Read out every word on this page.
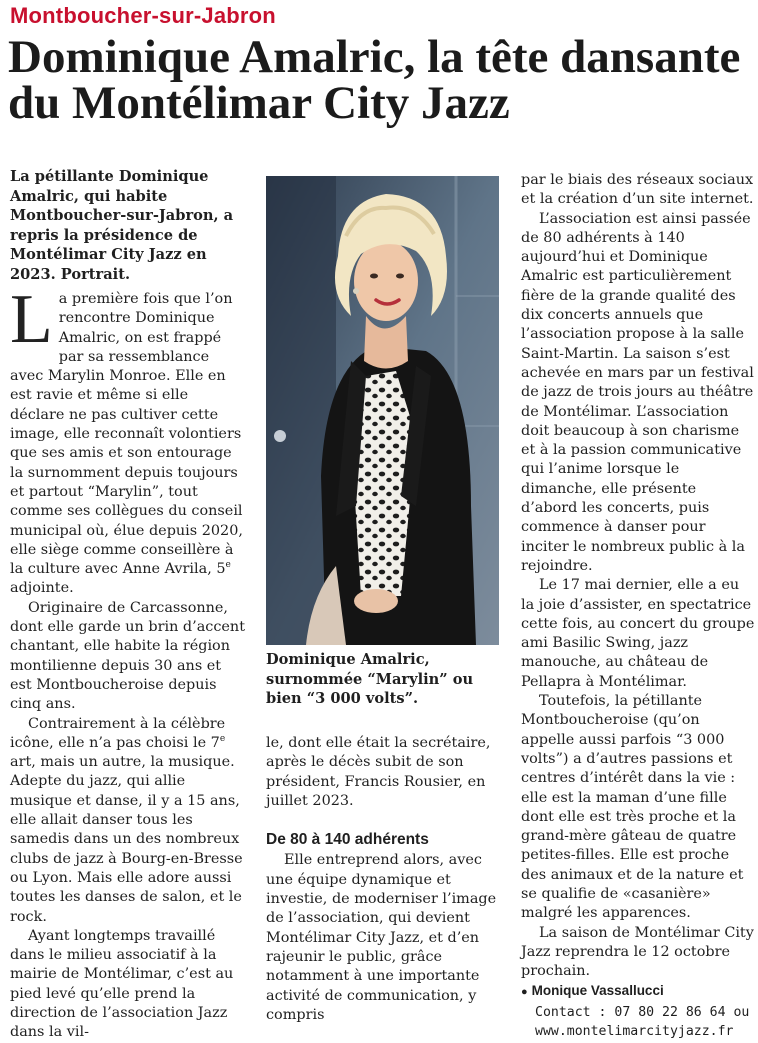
Montboucher-sur-Jabron
Dominique Amalric, la tête dansante du Montélimar City Jazz

La pétillante Dominique Amalric, qui habite Montboucher-sur-Jabron, a repris la présidence de Montélimar City Jazz en 2023. Portrait.

La première fois que l’on rencontre Dominique Amalric, on est frappé par sa ressemblance avec Marylin Monroe. Elle en est ravie et même si elle déclare ne pas cultiver cette image, elle reconnaît volontiers que ses amis et son entourage la surnomment depuis toujours et partout “Marylin”, tout comme ses collègues du conseil municipal où, élue depuis 2020, elle siège comme conseillère à la culture avec Anne Avrila, 5e adjointe.

Originaire de Carcassonne, dont elle garde un brin d’accent chantant, elle habite la région montilienne depuis 30 ans et est Montboucheroise depuis cinq ans.

Contrairement à la célèbre icône, elle n’a pas choisi le 7e art, mais un autre, la musique. Adepte du jazz, qui allie musique et danse, il y a 15 ans, elle allait danser tous les samedis dans un des nombreux clubs de jazz à Bourg-en-Bresse ou Lyon. Mais elle adore aussi toutes les danses de salon, et le rock.

Ayant longtemps travaillé dans le milieu associatif à la mairie de Montélimar, c’est au pied levé qu’elle prend la direction de l’association Jazz dans la vil-

Dominique Amalric, surnommée “Marylin” ou bien “3 000 volts”.

le, dont elle était la secrétaire, après le décès subit de son président, Francis Rousier, en juillet 2023.

De 80 à 140 adhérents

Elle entreprend alors, avec une équipe dynamique et investie, de moderniser l’image de l’association, qui devient Montélimar City Jazz, et d’en rajeunir le public, grâce notamment à une importante activité de communication, y compris

par le biais des réseaux sociaux et la création d’un site internet.

L’association est ainsi passée de 80 adhérents à 140 aujourd’hui et Dominique Amalric est particulièrement fière de la grande qualité des dix concerts annuels que l’association propose à la salle Saint-Martin. La saison s’est achevée en mars par un festival de jazz de trois jours au théâtre de Montélimar. L’association doit beaucoup à son charisme et à la passion communicative qui l’anime lorsque le dimanche, elle présente d’abord les concerts, puis commence à danser pour inciter le nombreux public à la rejoindre.

Le 17 mai dernier, elle a eu la joie d’assister, en spectatrice cette fois, au concert du groupe ami Basilic Swing, jazz manouche, au château de Pellapra à Montélimar.

Toutefois, la pétillante Montboucheroise (qu’on appelle aussi parfois “3 000 volts”) a d’autres passions et centres d’intérêt dans la vie : elle est la maman d’une fille dont elle est très proche et la grand-mère gâteau de quatre petites-filles. Elle est proche des animaux et de la nature et se qualifie de «casanière» malgré les apparences.

La saison de Montélimar City Jazz reprendra le 12 octobre prochain.

● Monique Vassallucci

Contact : 07 80 22 86 64 ou

www.montelimarcityjazz.fr
